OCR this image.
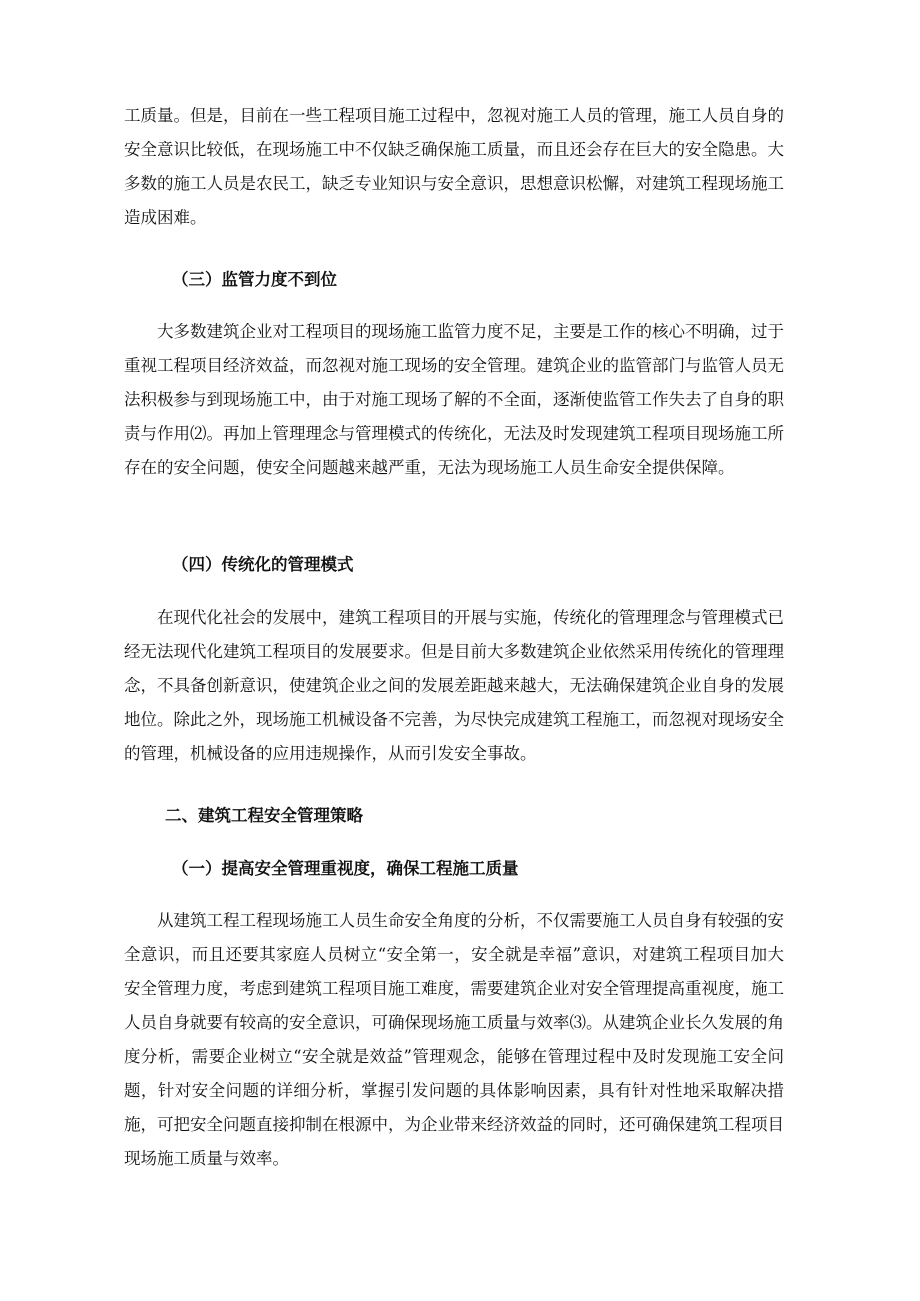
工质量。但是，目前在一些工程项目施工过程中，忽视对施工人员的管理，施工人员自身的安全意识比较低，在现场施工中不仅缺乏确保施工质量，而且还会存在巨大的安全隐患。大多数的施工人员是农民工，缺乏专业知识与安全意识，思想意识松懈，对建筑工程现场施工造成困难。

（三）监管力度不到位

大多数建筑企业对工程项目的现场施工监管力度不足，主要是工作的核心不明确，过于重视工程项目经济效益，而忽视对施工现场的安全管理。建筑企业的监管部门与监管人员无法积极参与到现场施工中，由于对施工现场了解的不全面，逐渐使监管工作失去了自身的职责与作用⑵。再加上管理理念与管理模式的传统化，无法及时发现建筑工程项目现场施工所存在的安全问题，使安全问题越来越严重，无法为现场施工人员生命安全提供保障。

（四）传统化的管理模式

在现代化社会的发展中，建筑工程项目的开展与实施，传统化的管理理念与管理模式已经无法现代化建筑工程项目的发展要求。但是目前大多数建筑企业依然采用传统化的管理理念，不具备创新意识，使建筑企业之间的发展差距越来越大，无法确保建筑企业自身的发展地位。除此之外，现场施工机械设备不完善，为尽快完成建筑工程施工，而忽视对现场安全的管理，机械设备的应用违规操作，从而引发安全事故。

二、建筑工程安全管理策略
（一）提高安全管理重视度，确保工程施工质量

从建筑工程工程现场施工人员生命安全角度的分析，不仅需要施工人员自身有较强的安全意识，而且还要其家庭人员树立“安全第一，安全就是幸福”意识，对建筑工程项目加大安全管理力度，考虑到建筑工程项目施工难度，需要建筑企业对安全管理提高重视度，施工人员自身就要有较高的安全意识，可确保现场施工质量与效率⑶。从建筑企业长久发展的角度分析，需要企业树立“安全就是效益”管理观念，能够在管理过程中及时发现施工安全问题，针对安全问题的详细分析，掌握引发问题的具体影响因素，具有针对性地采取解决措施，可把安全问题直接抑制在根源中，为企业带来经济效益的同时，还可确保建筑工程项目现场施工质量与效率。
